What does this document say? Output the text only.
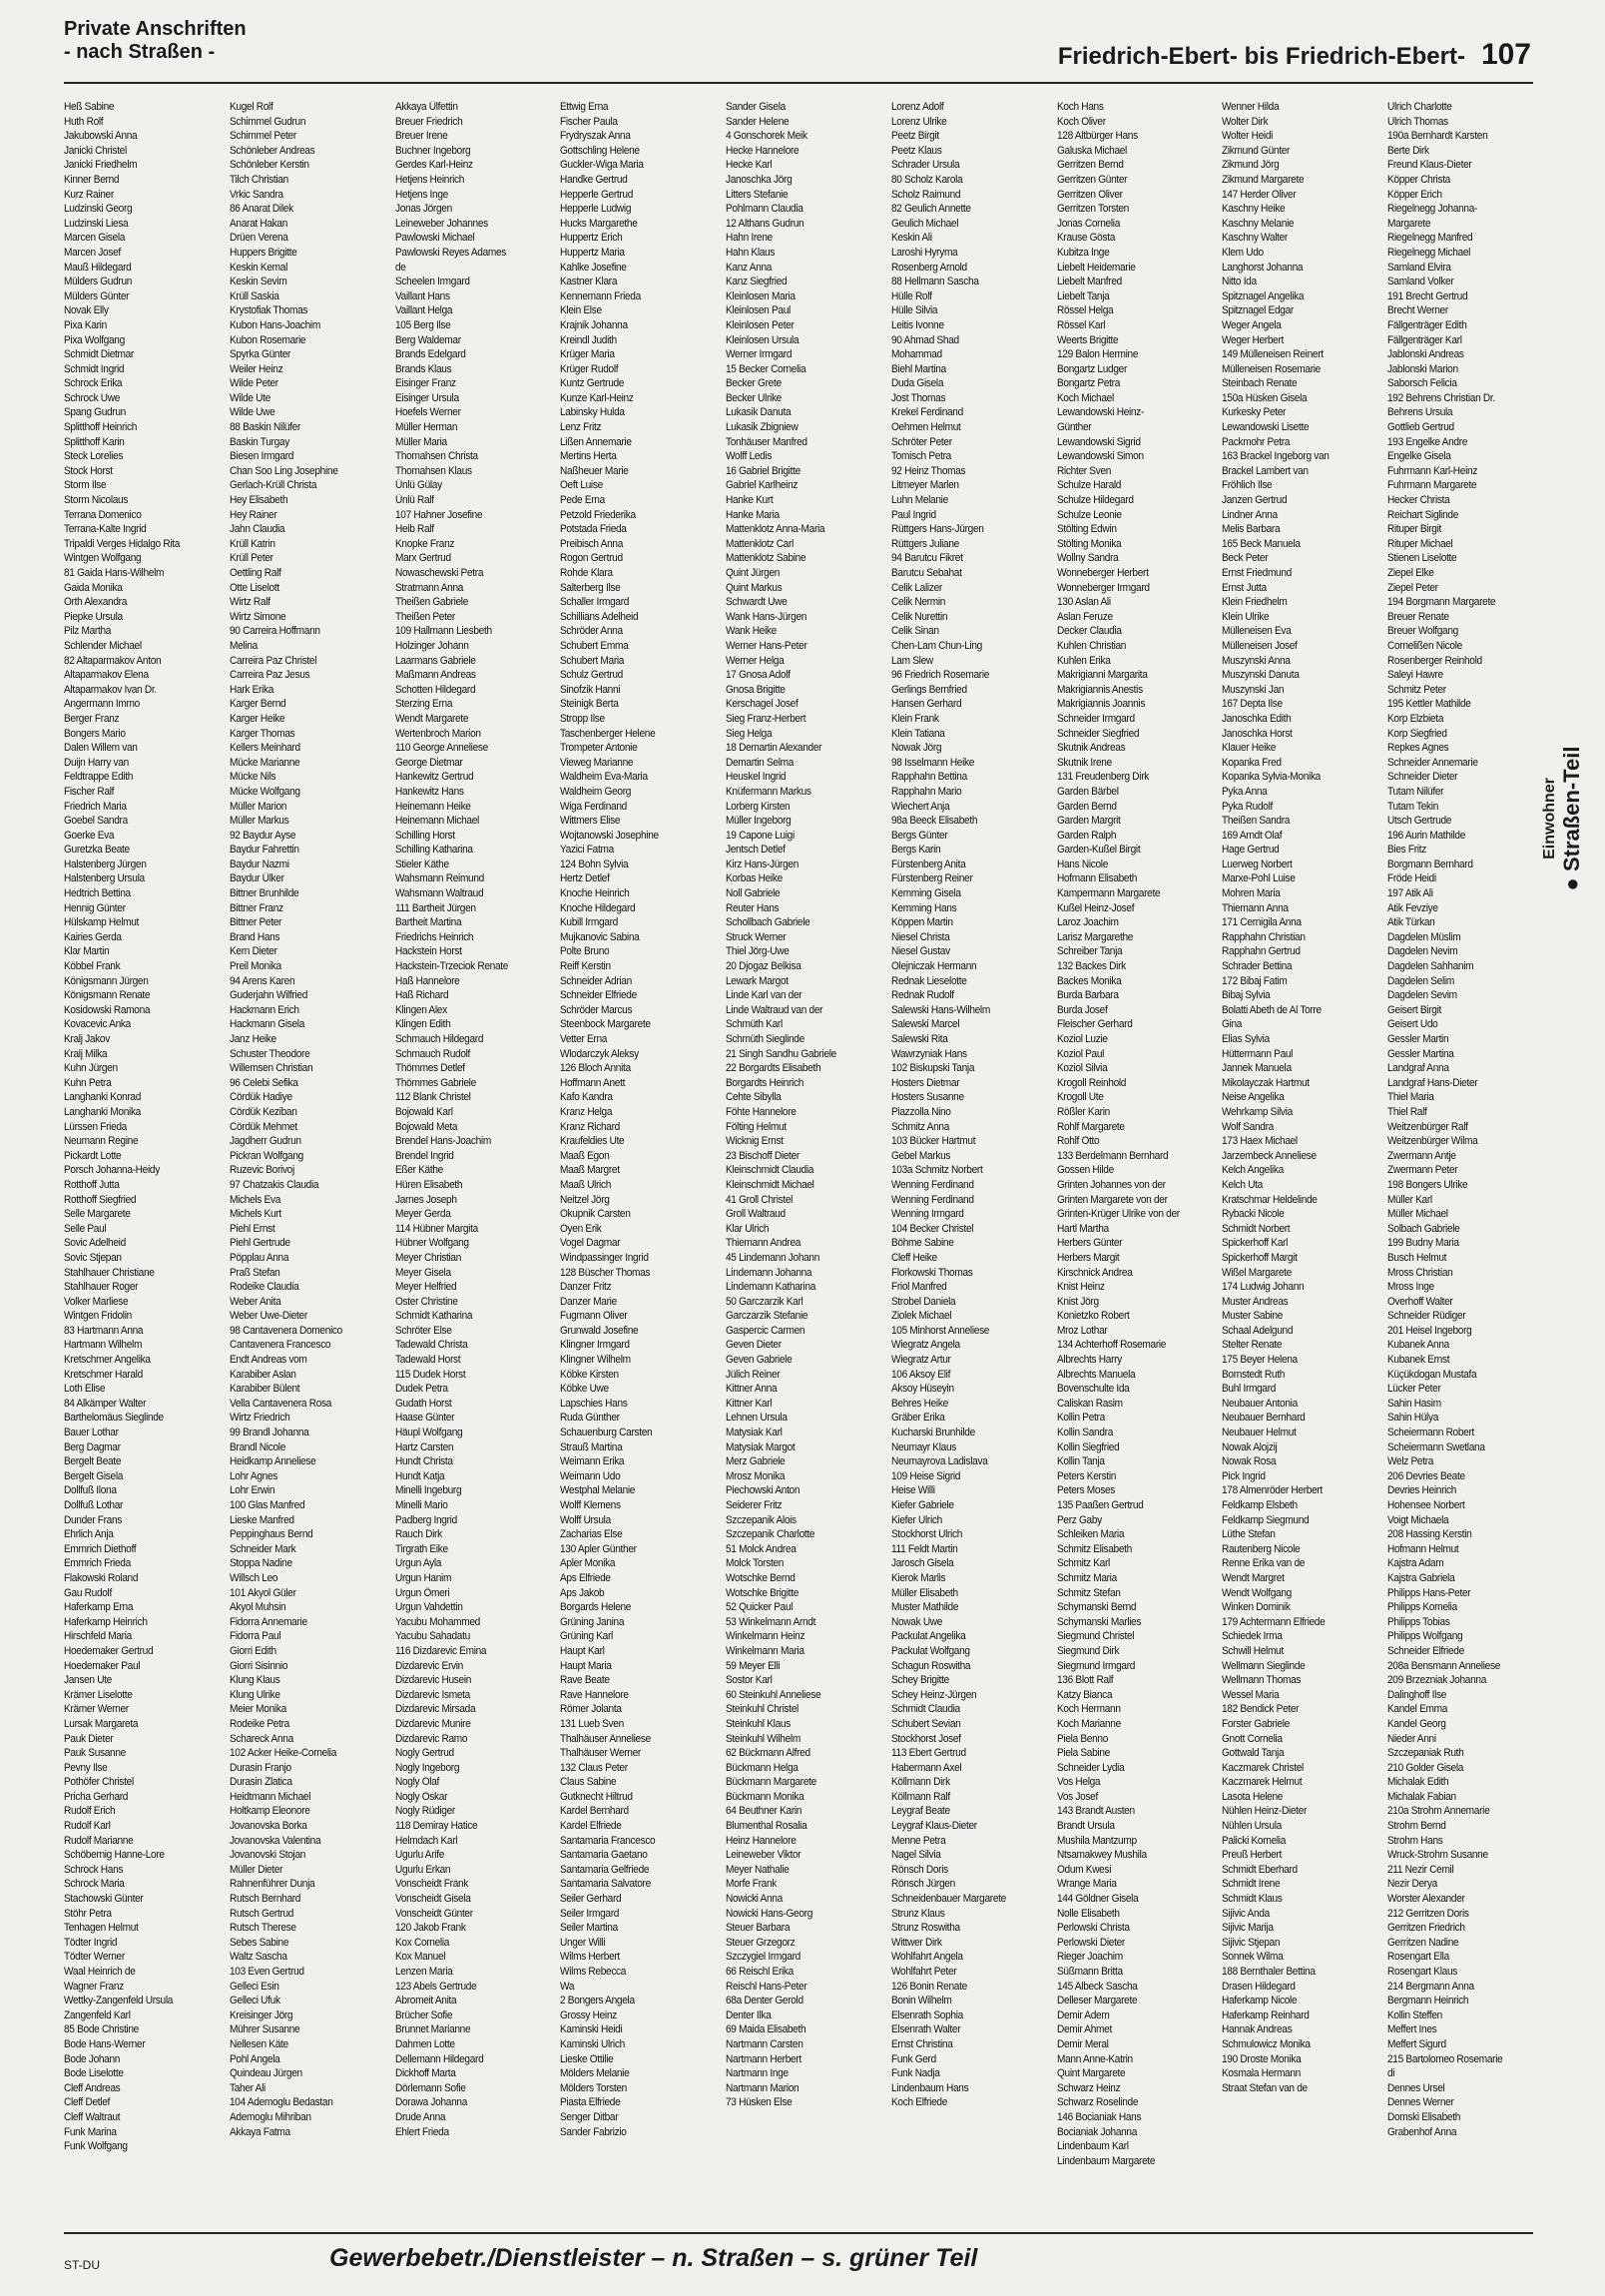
Private Anschriften
- nach Straßen -	Friedrich-Ebert- bis Friedrich-Ebert- 107
Heß Sabine
Huth Rolf
Jakubowski Anna
Janicki Christel
Janicki Friedhelm
Kinner Bernd
Kurz Rainer
Ludzinski Georg
Ludzinski Liesa
Marcen Gisela
Marcen Josef
Mauß Hildegard
Mülders Gudrun
Mülders Günter
Novak Elly
Pixa Karin
Pixa Wolfgang
Schmidt Dietmar
Schmidt Ingrid
Schrock Erika
Schrock Uwe
Spang Gudrun
Splitthoff Heinrich
Splitthoff Karin
Steck Lorelies
Stock Horst
Storm Ilse
Storm Nicolaus
Terrana Domenico
Terrana-Kalte Ingrid
Tripaldi Verges Hidalgo Rita
Wintgen Wolfgang
81 Gaida Hans-Wilhelm
Gaida Monika
Orth Alexandra
Piepke Ursula
Pilz Martha
Schlender Michael
82 Altaparmakov Anton
Altaparmakov Elena
Altaparmakov Ivan Dr.
Angermann Immo
Berger Franz
Bongers Mario
Dalen Willem van
Duijn Harry van
Feldtrappe Edith
Fischer Ralf
Friedrich Maria
Goebel Sandra
Goerke Eva
Guretzka Beate
Halstenberg Jürgen
Halstenberg Ursula
Hedtrich Bettina
Hennig Günter
Hülskamp Helmut
Kairies Gerda
Klar Martin
Köbbel Frank
Königsmann Jürgen
Königsmann Renate
Kosidowski Ramona
Kovacevic Anka
Kralj Jakov
Kralj Milka
Kuhn Jürgen
Kuhn Petra
Langhanki Konrad
Langhanki Monika
Lürssen Frieda
Neumann Regine
Pickardt Lotte
Porsch Johanna-Heidy
Rotthoff Jutta
Rotthoff Siegfried
Selle Margarete
Selle Paul
Sovic Adelheid
Sovic Stjepan
Stahlhauer Christiane
Stahlhauer Roger
Volker Marliese
Wintgen Fridolin
83 Hartmann Anna
Hartmann Wilhelm
Kretschmer Angelika
Kretschmer Harald
Loth Elise
84 Alkämper Walter
Barthelomäus Sieglinde
Bauer Lothar
Berg Dagmar
Bergelt Beate
Bergelt Gisela
Dollfuß Ilona
Dollfuß Lothar
Dunder Frans
Ehrlich Anja
Emmrich Diethoff
Emmrich Frieda
Flakowski Roland
Gau Rudolf
Haferkamp Erna
Haferkamp Heinrich
Hirschfeld Maria
Hoedemaker Gertrud
Hoedemaker Paul
Jansen Ute
Krämer Liselotte
Krämer Werner
Lursak Margareta
Pauk Dieter
Pauk Susanne
Pevny Ilse
Pothöfer Christel
Pricha Gerhard
Rudolf Erich
Rudolf Karl
Rudolf Marianne
Schöbernig Hanne-Lore
Schrock Hans
Schrock Maria
Stachowski Günter
Stöhr Petra
Tenhagen Helmut
Tödter Ingrid
Tödter Werner
Waal Heinrich de
Wagner Franz
Wettky-Zangenfeld Ursula
Zangenfeld Karl
85 Bode Christine
Bode Hans-Werner
Bode Johann
Bode Liselotte
Cleff Andreas
Cleff Detlef
Cleff Waltraut
Funk Marina
Funk Wolfgang
Kugel Rolf
Schimmel Gudrun
Schimmel Peter
Schönleber Andreas
Schönleber Kerstin
Tilch Christian
Vrkic Sandra
86 Anarat Dilek
Anarat Hakan
Drüen Verena
Huppers Brigitte
Keskin Kemal
Keskin Sevim
Krüll Saskia
Krystofiak Thomas
Kubon Hans-Joachim
Kubon Rosemarie
Spyrka Günter
Weiler Heinz
Wilde Peter
Wilde Ute
Wilde Uwe
88 Baskin Nilüfer
Baskin Turgay
Biesen Irmgard
Chan Soo Ling Josephine
Gerlach-Krüll Christa
Hey Elisabeth
Hey Rainer
Jahn Claudia
Krüll Katrin
Krüll Peter
Oettling Ralf
Otte Liselott
Wirtz Ralf
Wirtz Simone
90 Carreira Hoffmann
Melina
Carreira Paz Christel
Carreira Paz Jesus
Hark Erika
Karger Bernd
Karger Heike
Karger Thomas
Kellers Meinhard
Mücke Marianne
Mücke Nils
Mücke Wolfgang
Müller Marion
Müller Markus
92 Baydur Ayse
Baydur Fahrettin
Baydur Nazmi
Baydur Ülker
Bittner Brunhilde
Bittner Franz
Bittner Peter
Brand Hans
Kern Dieter
Preil Monika
94 Arens Karen
Guderjahn Wilfried
Hackmann Erich
Hackmann Gisela
Janz Heike
Schuster Theodore
Willemsen Christian
96 Celebi Sefika
Cördük Hadiye
Cördük Keziban
Cördük Mehmet
Jagdherr Gudrun
Pickran Wolfgang
Ruzevic Borivoj
97 Chatzakis Claudia
Michels Eva
Michels Kurt
Piehl Ernst
Piehl Gertrude
Pöpplau Anna
Praß Stefan
Rodeike Claudia
Weber Anita
Weber Uwe-Dieter
98 Cantavenera Domenico
Cantavenera Francesco
Endt Andreas vom
Karabiber Aslan
Karabiber Bülent
Vella Cantavenera Rosa
Wirtz Friedrich
99 Brandl Johanna
Brandl Nicole
Heidkamp Anneliese
Lohr Agnes
Lohr Erwin
100 Glas Manfred
Lieske Manfred
Peppinghaus Bernd
Schneider Mark
Stoppa Nadine
Willsch Leo
101 Akyol Güler
Akyol Muhsin
Fidorra Annemarie
Fidorra Paul
Giorri Edith
Giorri Sisinnio
Klung Klaus
Klung Ulrike
Meier Monika
Rodeike Petra
Schareck Anna
102 Acker Heike-Cornelia
Durasin Franjo
Durasin Zlatica
Heidtmann Michael
Holtkamp Eleonore
Jovanovska Borka
Jovanovska Valentina
Jovanovski Stojan
Müller Dieter
Rahnenführer Dunja
Rutsch Bernhard
Rutsch Gertrud
Rutsch Therese
Sebes Sabine
Waltz Sascha
103 Even Gertrud
Gelleci Esin
Gelleci Ufuk
Kreisinger Jörg
Mührer Susanne
Nellesen Käte
Pohl Angela
Quindeau Jürgen
Taher Ali
104 Ademoglu Bedastan
Ademoglu Mihriban
Akkaya Fatma
Akkaya Ülfettin
Breuer Friedrich
Breuer Irene
Buchner Ingeborg
Gerdes Karl-Heinz
Hetjens Heinrich
Hetjens Inge
Jonas Jörgen
Leineweber Johannes
Pawlowski Michael
Pawlowski Reyes Adames
de
Scheelen Irmgard
Vaillant Hans
Vaillant Helga
105 Berg Ilse
Berg Waldemar
Brands Edelgard
Brands Klaus
Eisinger Franz
Eisinger Ursula
Hoefels Werner
Müller Herman
Müller Maria
Thomahsen Christa
Thomahsen Klaus
Ünlü Gülay
Ünlü Ralf
107 Hahner Josefine
Heib Ralf
Knopke Franz
Marx Gertrud
Nowaschewski Petra
Stratmann Anna
Theißen Gabriele
Theißen Peter
109 Hallmann Liesbeth
Holzinger Johann
Laarmans Gabriele
Maßmann Andreas
Schotten Hildegard
Sterzing Erna
Wendt Margarete
Wertenbroch Marion
110 George Anneliese
George Dietmar
Hankewitz Gertrud
Hankewitz Hans
Heinemann Heike
Heinemann Michael
Schilling Horst
Schilling Katharina
Stieler Käthe
Wahsmann Reimund
Wahsmann Waltraud
111 Bartheit Jürgen
Bartheit Martina
Friedrichs Heinrich
Hackstein Horst
Hackstein-Trzeciok Renate
Haß Hannelore
Haß Richard
Klingen Alex
Klingen Edith
Schmauch Hildegard
Schmauch Rudolf
Thömmes Detlef
Thömmes Gabriele
112 Blank Christel
Bojowald Karl
Bojowald Meta
Brendel Hans-Joachim
Brendel Ingrid
Eßer Käthe
Hüren Elisabeth
Jarnes Joseph
Meyer Gerda
114 Hübner Margita
Hübner Wolfgang
Meyer Christian
Meyer Gisela
Meyer Helfried
Oster Christine
Schmidt Katharina
Schröter Else
Tadewald Christa
Tadewald Horst
115 Dudek Horst
Dudek Petra
Gudath Horst
Haase Günter
Häupl Wolfgang
Hartz Carsten
Hundt Christa
Hundt Katja
Minelli Ingeburg
Minelli Mario
Padberg Ingrid
Rauch Dirk
Tirgrath Eike
Urgun Ayla
Urgun Hanim
Urgun Ömeri
Urgun Vahdettin
Yacubu Mohammed
Yacubu Sahadatu
116 Dizdarevic Emina
Dizdarevic Ervin
Dizdarevic Husein
Dizdarevic Ismeta
Dizdarevic Mirsada
Dizdarevic Munire
Dizdarevic Ramo
Nogly Gertrud
Nogly Ingeborg
Nogly Olaf
Nogly Oskar
Nogly Rüdiger
118 Demiray Hatice
Helmdach Karl
Ugurlu Arife
Ugurlu Erkan
Vonscheidt Frank
Vonscheidt Gisela
Vonscheidt Günter
120 Jakob Frank
Kox Cornelia
Kox Manuel
Lenzen Maria
123 Abels Gertrude
Abromeit Anita
Brücher Sofie
Brunnet Marianne
Dahmen Lotte
Dellemann Hildegard
Dickhoff Marta
Dörlemann Sofie
Dorawa Johanna
Drude Anna
Ehlert Frieda
Ettwig Erna
Fischer Paula
Frydryszak Anna
Gottschling Helene
Guckler-Wiga Maria
Handke Gertrud
Hepperle Gertrud
Hepperle Ludwig
Hucks Margarethe
Huppertz Erich
Huppertz Maria
Kahlke Josefine
Kastner Klara
Kennemann Frieda
Klein Else
Krajnik Johanna
Kreindl Judith
Krüger Maria
Krüger Rudolf
Kuntz Gertrude
Kunze Karl-Heinz
Labinsky Hulda
Lenz Fritz
Lißen Annemarie
Mertins Herta
Naßheuer Marie
Oeft Luise
Pede Erna
Petzold Friederika
Potstada Frieda
Preibisch Anna
Rogon Gertrud
Rohde Klara
Salterberg Ilse
Schaller Irmgard
Schillians Adelheid
Schröder Anna
Schubert Emma
Schubert Maria
Schulz Gertrud
Sinofzik Hanni
Steinigk Berta
Stropp Ilse
Taschenberger Helene
Trompeter Antonie
Vieweg Marianne
Waldheim Eva-Maria
Waldheim Georg
Wiga Ferdinand
Wittmers Elise
Wojtanowski Josephine
Yazici Fatma
124 Bohn Sylvia
Hertz Detlef
Knoche Heinrich
Knoche Hildegard
Kubill Irmgard
Mujkanovic Sabina
Polte Bruno
Reiff Kerstin
Schneider Adrian
Schneider Elfriede
Schröder Marcus
Steenbock Margarete
Vetter Erna
Wlodarczyk Aleksy
126 Bloch Annita
Hoffmann Anett
Kafo Kandra
Kranz Helga
Kranz Richard
Kraufeldies Ute
Maaß Egon
Maaß Margret
Maaß Ulrich
Neitzel Jörg
Okupnik Carsten
Oyen Erik
Vogel Dagmar
Windpassinger Ingrid
128 Büscher Thomas
Danzer Fritz
Danzer Marie
Fugmann Oliver
Grunwald Josefine
Klingner Irmgard
Klingner Wilhelm
Köbke Kirsten
Köbke Uwe
Lapschies Hans
Ruda Günther
Schauenburg Carsten
Strauß Martina
Weimann Erika
Weimann Udo
Westphal Melanie
Wolff Klemens
Wolff Ursula
Zacharias Else
130 Apler Günther
Apler Monika
Aps Elfriede
Aps Jakob
Borgards Helene
Grüning Janina
Grüning Karl
Haupt Karl
Haupt Maria
Rave Beate
Rave Hannelore
Römer Jolanta
131 Lueb Sven
Thalhäuser Anneliese
Thalhäuser Werner
132 Claus Peter
Claus Sabine
Gutknecht Hiltrud
Kardel Bernhard
Kardel Elfriede
Santamaria Francesco
Santamaria Gaetano
Santamaria Gelfriede
Santamaria Salvatore
Seiler Gerhard
Seiler Irmgard
Seiler Martina
Unger Willi
Wilms Herbert
Wilms Rebecca
Wa
2 Bongers Angela
Grossy Heinz
Kaminski Heidi
Kaminski Ulrich
Lieske Ottilie
Mölders Melanie
Mölders Torsten
Piasta Elfriede
Senger Ditbar
Sander Fabrizio
Sander Gisela
Sander Helene
4 Gonschorek Meik
Hecke Hannelore
Hecke Karl
Janoschka Jörg
Litters Stefanie
Pohlmann Claudia
12 Althans Gudrun
Hahn Irene
Hahn Klaus
Kanz Anna
Kanz Siegfried
Kleinlosen Maria
Kleinlosen Paul
Kleinlosen Peter
Kleinlosen Ursula
Werner Irmgard
15 Becker Cornelia
Becker Grete
Becker Ulrike
Lukasik Danuta
Lukasik Zbigniew
Tonhäuser Manfred
Wolff Ledis
16 Gabriel Brigitte
Gabriel Karlheinz
Hanke Kurt
Hanke Maria
Mattenklotz Anna-Maria
Mattenklotz Carl
Mattenklotz Sabine
Quint Jürgen
Quint Markus
Schwardt Uwe
Wank Hans-Jürgen
Wank Heike
Werner Hans-Peter
Werner Helga
17 Gnosa Adolf
Gnosa Brigitte
Kerschagel Josef
Sieg Franz-Herbert
Sieg Helga
18 Demartin Alexander
Demartin Selma
Heuskel Ingrid
Knüfermann Markus
Lorberg Kirsten
Müller Ingeborg
19 Capone Luigi
Jentsch Detlef
Kirz Hans-Jürgen
Korbas Heike
Noll Gabriele
Reuter Hans
Schollbach Gabriele
Struck Werner
Thiel Jörg-Uwe
20 Djogaz Belkisa
Lewark Margot
Linde Karl van der
Linde Waltraud van der
Schmüth Karl
Schmüth Sieglinde
21 Singh Sandhu Gabriele
22 Borgardts Elisabeth
Borgardts Heinrich
Cehte Sibylla
Föhte Hannelore
Fölting Helmut
Wicknig Ernst
23 Bischoff Dieter
Kleinschmidt Claudia
Kleinschmidt Michael
41 Groll Christel
Groll Waltraud
Klar Ulrich
Thiemann Andrea
45 Lindemann Johann
Lindemann Johanna
Lindemann Katharina
50 Garczarzik Karl
Garczarzik Stefanie
Gaspercic Carmen
Geven Dieter
Geven Gabriele
Jülich Reiner
Kittner Anna
Kittner Karl
Lehnen Ursula
Matysiak Karl
Matysiak Margot
Merz Gabriele
Mrosz Monika
Piechowski Anton
Seiderer Fritz
Szczepanik Alois
Szczepanik Charlotte
51 Molck Andrea
Molck Torsten
Wotschke Bernd
Wotschke Brigitte
52 Quicker Paul
53 Winkelmann Arndt
Winkelmann Heinz
Winkelmann Maria
59 Meyer Elli
Sostor Karl
60 Steinkuhl Anneliese
Steinkuhl Christel
Steinkuhl Klaus
Steinkuhl Wilhelm
62 Bückmann Alfred
Bückmann Helga
Bückmann Margarete
Bückmann Monika
64 Beuthner Karin
Blumenthal Rosalia
Heinz Hannelore
Leineweber Viktor
Meyer Nathalie
Morfe Frank
Nowicki Anna
Nowicki Hans-Georg
Steuer Barbara
Steuer Grzegorz
Szczygiel Irmgard
66 Reischl Erika
Reischl Hans-Peter
68a Denter Gerold
Denter Ilka
69 Maida Elisabeth
Nartmann Carsten
Nartmann Herbert
Nartmann Inge
Nartmann Marion
73 Hüsken Else
Lorenz Adolf
Lorenz Ulrike
Peetz Birgit
Peetz Klaus
Schrader Ursula
80 Scholz Karola
Scholz Raimund
82 Geulich Annette
Geulich Michael
Keskin Ali
Laroshi Hyryma
Rosenberg Arnold
88 Hellmann Sascha
Hülle Rolf
Hülle Silvia
Leitis Ivonne
90 Ahmad Shad
Mohammad
Biehl Martina
Duda Gisela
Jost Thomas
Krekel Ferdinand
Oehmen Helmut
Schröter Peter
Tomisch Petra
92 Heinz Thomas
Litmeyer Marlen
Luhn Melanie
Paul Ingrid
Rüttgers Hans-Jürgen
Rüttgers Juliane
94 Barutcu Fikret
Barutcu Sebahat
Celik Lalizer
Celik Nermin
Celik Nurettin
Celik Sinan
Chen-Lam Chun-Ling
Lam Slew
96 Friedrich Rosemarie
Gerlings Bernfried
Hansen Gerhard
Klein Frank
Klein Tatiana
Nowak Jörg
98 Isselmann Heike
Rapphahn Bettina
Rapphahn Mario
Wiechert Anja
98a Beeck Elisabeth
Bergs Günter
Bergs Karin
Fürstenberg Anita
Fürstenberg Reiner
Kemming Gisela
Kemming Hans
Köppen Martin
Niesel Christa
Niesel Gustav
Olejniczak Hermann
Rednak Lieselotte
Rednak Rudolf
Salewski Hans-Wilhelm
Salewski Marcel
Salewski Rita
Wawrzyniak Hans
102 Biskupski Tanja
Hosters Dietmar
Hosters Susanne
Piazzolla Nino
Schmitz Anna
103 Bücker Hartmut
Gebel Markus
103a Schmitz Norbert
Wenning Ferdinand
Wenning Ferdinand
Wenning Irmgard
104 Becker Christel
Böhme Sabine
Cleff Heike
Florkowski Thomas
Friol Manfred
Strobel Daniela
Ziolek Michael
105 Minhorst Anneliese
Wiegratz Angela
Wiegratz Artur
106 Aksoy Elif
Aksoy Hüseyin
Behres Heike
Gräber Erika
Kucharski Brunhilde
Neumayr Klaus
Neumayrova Ladislava
109 Heise Sigrid
Heise Willi
Kiefer Gabriele
Kiefer Ulrich
Stockhorst Ulrich
111 Feldt Martin
Jarosch Gisela
Kierok Marlis
Müller Elisabeth
Muster Mathilde
Nowak Uwe
Packulat Angelika
Packulat Wolfgang
Schagun Roswitha
Schey Brigitte
Schey Heinz-Jürgen
Schmidt Claudia
Schubert Sevian
Stockhorst Josef
113 Ebert Gertrud
Habermann Axel
Köllmann Dirk
Köllmann Ralf
Leygraf Beate
Leygraf Klaus-Dieter
Menne Petra
Nagel Silvia
Rönsch Doris
Rönsch Jürgen
Schneidenbauer Margarete
Strunz Klaus
Strunz Roswitha
Wittwer Dirk
Wohlfahrt Angela
Wohlfahrt Peter
126 Bonin Renate
Bonin Wilhelm
Elsenrath Sophia
Elsenrath Walter
Ernst Christina
Funk Gerd
Funk Nadja
Lindenbaum Hans
Koch Elfriede
Koch Hans
Koch Oliver
128 Altbürger Hans
Galuska Michael
Gerritzen Bernd
Gerritzen Günter
Gerritzen Oliver
Gerritzen Torsten
Jonas Cornelia
Krause Gösta
Kubitza Inge
Liebelt Heidemarie
Liebelt Manfred
Liebelt Tanja
Rössel Helga
Rössel Karl
Weerts Brigitte
129 Balon Hermine
Bongartz Ludger
Bongartz Petra
Koch Michael
Lewandowski Heinz-
Günther
Lewandowski Sigrid
Lewandowski Simon
Richter Sven
Schulze Harald
Schulze Hildegard
Schulze Leonie
Stölting Edwin
Stölting Monika
Wollny Sandra
Wonneberger Herbert
Wonneberger Irmgard
130 Aslan Ali
Aslan Feruze
Decker Claudia
Kuhlen Christian
Kuhlen Erika
Makrigianni Margarita
Makrigiannis Anestis
Makrigiannis Joannis
Schneider Irmgard
Schneider Siegfried
Skutnik Andreas
Skutnik Irene
131 Freudenberg Dirk
Garden Bärbel
Garden Bernd
Garden Margrit
Garden Ralph
Garden-Kußel Birgit
Hans Nicole
Hofmann Elisabeth
Kampermann Margarete
Kußel Heinz-Josef
Laroz Joachim
Larisz Margarethe
Schreiber Tanja
132 Backes Dirk
Backes Monika
Burda Barbara
Burda Josef
Fleischer Gerhard
Koziol Luzie
Koziol Paul
Koziol Silvia
Krogoll Reinhold
Krogoll Ute
Rößler Karin
Rohlf Margarete
Rohlf Otto
133 Berdelmann Bernhard
Gossen Hilde
Grinten Johannes von der
Grinten Margarete von der
Grinten-Krüger Ulrike von der
Hartl Martha
Herbers Günter
Herbers Margit
Kirschnick Andrea
Knist Heinz
Knist Jörg
Konietzko Robert
Mroz Lothar
134 Achterhoff Rosemarie
Albrechts Harry
Albrechts Manuela
Bovenschulte Ida
Caliskan Rasim
Kollin Petra
Kollin Sandra
Kollin Siegfried
Kollin Tanja
Peters Kerstin
Peters Moses
135 Paaßen Gertrud
Perz Gaby
Schleiken Maria
Schmitz Elisabeth
Schmitz Karl
Schmitz Maria
Schmitz Stefan
Schymanski Bernd
Schymanski Marlies
Siegmund Christel
Siegmund Dirk
Siegmund Irmgard
136 Blott Ralf
Katzy Bianca
Koch Hermann
Koch Marianne
Piela Benno
Piela Sabine
Schneider Lydia
Vos Helga
Vos Josef
143 Brandt Austen
Brandt Ursula
Mushila Mantzump
Ntsamakwey Mushila
Odum Kwesi
Wrange Maria
144 Göldner Gisela
Nolle Elisabeth
Perlowski Christa
Perlowski Dieter
Rieger Joachim
Süßmann Britta
145 Albeck Sascha
Delleser Margarete
Demir Adem
Demir Ahmet
Demir Meral
Mann Anne-Katrin
Quint Margarete
Schwarz Heinz
Schwarz Roselinde
146 Bocianiak Hans
Bocianiak Johanna
Lindenbaum Karl
Lindenbaum Margarete
Wenner Hilda
Wolter Dirk
Wolter Heidi
Zikmund Günter
Zikmund Jörg
Zikmund Margarete
147 Herder Oliver
Kaschny Heike
Kaschny Melanie
Kaschny Walter
Klem Udo
Langhorst Johanna
Nitto Ida
Spitznagel Angelika
Spitznagel Edgar
Weger Angela
Weger Herbert
149 Mülleneisen Reinert
Mülleneisen Rosemarie
Steinbach Renate
150a Hüsken Gisela
Kurkesky Peter
Lewandowski Lisette
Packmohr Petra
163 Brackel Ingeborg van
Brackel Lambert van
Fröhlich Ilse
Janzen Gertrud
Lindner Anna
Melis Barbara
165 Beck Manuela
Beck Peter
Ernst Friedmund
Ernst Jutta
Klein Friedhelm
Klein Ulrike
Mülleneisen Eva
Mülleneisen Josef
Muszynski Anna
Muszynski Danuta
Muszynski Jan
167 Depta Ilse
Janoschka Edith
Janoschka Horst
Klauer Heike
Kopanka Fred
Kopanka Sylvia-Monika
Pyka Anna
Pyka Rudolf
Theißen Sandra
169 Arndt Olaf
Hage Gertrud
Luerweg Norbert
Marxe-Pohl Luise
Mohren Maria
Thiemann Anna
171 Cernigila Anna
Rapphahn Christian
Rapphahn Gertrud
Schrader Bettina
172 Bibaj Fatim
Bibaj Sylvia
Bolatti Abeth de Al Torre
Gina
Elias Sylvia
Hüttermann Paul
Jannek Manuela
Mikolayczak Hartmut
Neise Angelika
Wehrkamp Silvia
Wolf Sandra
173 Haex Michael
Jarzembeck Anneliese
Kelch Angelika
Kelch Uta
Kratschmar Heldelinde
Rybacki Nicole
Schmidt Norbert
Spickerhoff Karl
Spickerhoff Margit
Wißel Margarete
174 Ludwig Johann
Muster Andreas
Muster Sabine
Schaal Adelgund
Stelter Renate
175 Beyer Helena
Bornstedt Ruth
Buhl Irmgard
Neubauer Antonia
Neubauer Bernhard
Neubauer Helmut
Nowak Alojzij
Nowak Rosa
Pick Ingrid
178 Almenröder Herbert
Feldkamp Elsbeth
Feldkamp Siegmund
Lüthe Stefan
Rautenberg Nicole
Renne Erika van de
Wendt Margret
Wendt Wolfgang
Winken Dominik
179 Achtermann Elfriede
Schiedek Irma
Schwill Helmut
Wellmann Sieglinde
Wellmann Thomas
Wessel Maria
182 Bendick Peter
Forster Gabriele
Gnott Cornelia
Gottwald Tanja
Kaczmarek Christel
Kaczmarek Helmut
Lasota Helene
Nühlen Heinz-Dieter
Nühlen Ursula
Palicki Kornelia
Preuß Herbert
Schmidt Eberhard
Schmidt Irene
Schmidt Klaus
Sijivic Anda
Sijivic Marija
Sijivic Stjepan
Sonnek Wilma
188 Bernthaler Bettina
Drasen Hildegard
Haferkamp Nicole
Haferkamp Reinhard
Hannak Andreas
Schmulowicz Monika
190 Droste Monika
Kosmala Hermann
Straat Stefan van de
Ulrich Charlotte
Ulrich Thomas
190a Bernhardt Karsten
Berte Dirk
Freund Klaus-Dieter
Köpper Christa
Köpper Erich
Riegelnegg Johanna-
Margarete
Riegelnegg Manfred
Riegelnegg Michael
Samland Elvira
Samland Volker
191 Brecht Gertrud
Brecht Werner
Fällgenträger Edith
Fällgenträger Karl
Jablonski Andreas
Jablonski Marion
Saborsch Felicia
192 Behrens Christian Dr.
Behrens Ursula
Gottlieb Gertrud
193 Engelke Andre
Engelke Gisela
Fuhrmann Karl-Heinz
Fuhrmann Margarete
Hecker Christa
Reichart Siglinde
Rituper Birgit
Rituper Michael
Stienen Liselotte
Ziepel Elke
Ziepel Peter
194 Borgmann Margarete
Breuer Renate
Breuer Wolfgang
Cornelißen Nicole
Rosenberger Reinhold
Saleyi Hawre
Schmitz Peter
195 Kettler Mathilde
Korp Elzbieta
Korp Siegfried
Repkes Agnes
Schneider Annemarie
Schneider Dieter
Tutam Nilüfer
Tutam Tekin
Utsch Gertrude
196 Aurin Mathilde
Bies Fritz
Borgmann Bernhard
Fröde Heidi
197 Atik Ali
Atik Fevziye
Atik Türkan
Dagdelen Müslim
Dagdelen Nevim
Dagdelen Sahhanim
Dagdelen Selim
Dagdelen Sevim
Geisert Birgit
Geisert Udo
Gessler Martin
Gessler Martina
Landgraf Anna
Landgraf Hans-Dieter
Thiel Maria
Thiel Ralf
Weitzenbürger Ralf
Weitzenbürger Wilma
Zwermann Antje
Zwermann Peter
198 Bongers Ulrike
Müller Karl
Müller Michael
Solbach Gabriele
199 Budny Maria
Busch Helmut
Mross Christian
Mross Inge
Overhoff Walter
Schneider Rüdiger
201 Heisel Ingeborg
Kubanek Anna
Kubanek Ernst
Küçükdogan Mustafa
Lücker Peter
Sahin Hasim
Sahin Hülya
Scheiermann Robert
Scheiermann Swetlana
Welz Petra
206 Devries Beate
Devries Heinrich
Hohensee Norbert
Voigt Michaela
208 Hassing Kerstin
Hofmann Helmut
Kajstra Adam
Kajstra Gabriela
Philipps Hans-Peter
Philipps Kornelia
Philipps Tobias
Philipps Wolfgang
Schneider Elfriede
208a Bensmann Anneliese
209 Brzezniak Johanna
Dalinghoff Ilse
Kandel Emma
Kandel Georg
Nieder Anni
Szczepaniak Ruth
210 Golder Gisela
Michalak Edith
Michalak Fabian
210a Strohm Annemarie
Strohm Bernd
Strohm Hans
Wruck-Strohm Susanne
211 Nezir Cemil
Nezir Derya
Worster Alexander
212 Gerritzen Doris
Gerritzen Friedrich
Gerritzen Nadine
Rosengart Ella
Rosengart Klaus
214 Bergmann Anna
Bergmann Heinrich
Kollin Steffen
Meffert Ines
Meffert Sigurd
215 Bartolomeo Rosemarie
di
Dennes Ursel
Dennes Werner
Domski Elisabeth
Grabenhof Anna
Einwohner ● Straßen-Teil
ST-DU	Gewerbebetr./Dienstleister – n. Straßen – s. grüner Teil
